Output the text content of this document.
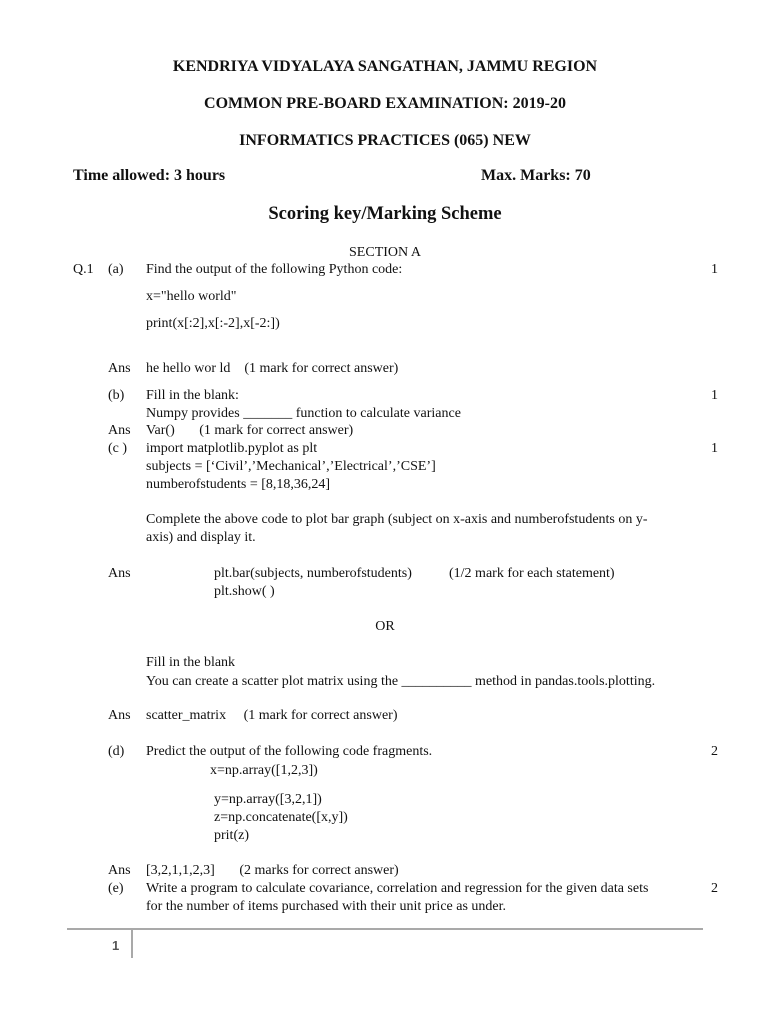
KENDRIYA VIDYALAYA SANGATHAN, JAMMU REGION
COMMON PRE-BOARD EXAMINATION: 2019-20
INFORMATICS PRACTICES (065) NEW
Time allowed: 3 hours	Max. Marks: 70
Scoring key/Marking Scheme
SECTION A
Q.1 (a) Find the output of the following Python code:	1
x="hello world"
print(x[:2],x[:-2],x[-2:])
Ans he hello wor ld    (1 mark for correct answer)
(b) Fill in the blank:	1
Numpy provides _______ function to calculate variance
Ans Var()       (1 mark for correct answer)
(c ) import matplotlib.pyplot as plt	1
subjects = [‘Civil’,’Mechanical’,’Electrical’,’CSE’]
numberofstudents = [8,18,36,24]
Complete the above code to plot bar graph (subject on x-axis and numberofstudents on y-
axis) and display it.
Ans	plt.bar(subjects, numberofstudents)	(1/2 mark for each statement)
plt.show( )
OR
Fill in the blank
You can create a scatter plot matrix using the __________ method in pandas.tools.plotting.
Ans scatter_matrix     (1 mark for correct answer)
(d) Predict the output of the following code fragments.	2
x=np.array([1,2,3])
y=np.array([3,2,1])
z=np.concatenate([x,y])
prit(z)
Ans [3,2,1,1,2,3]       (2 marks for correct answer)
(e) Write a program to calculate covariance, correlation and regression for the given data sets	2
for the number of items purchased with their unit price as under.
1
